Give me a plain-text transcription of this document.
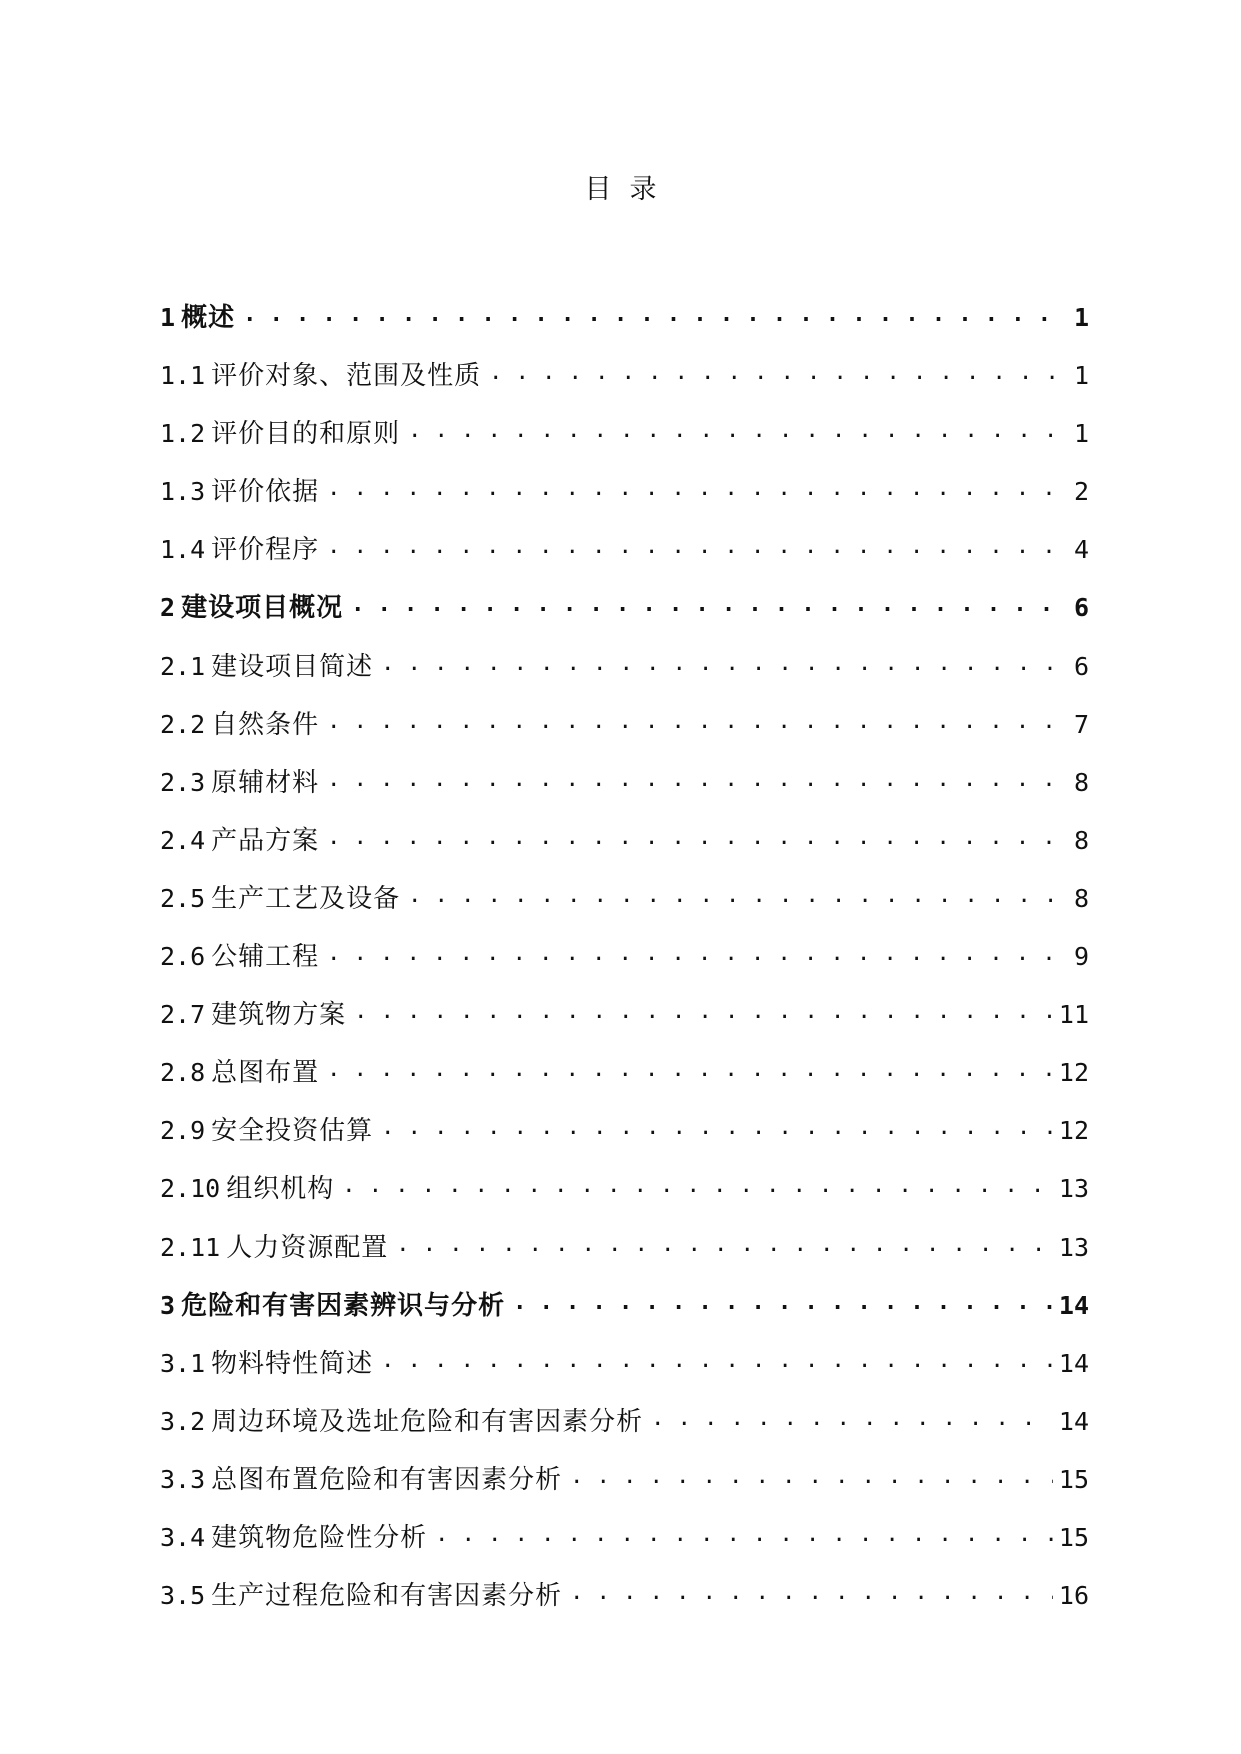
目录
1 概述 . . .	1
1.1 评价对象、范围及性质 . . .	1
1.2 评价目的和原则 . . .	1
1.3 评价依据 . . .	2
1.4 评价程序 . . .	4
2 建设项目概况 . . .	6
2.1 建设项目简述 . . .	6
2.2 自然条件 . . .	7
2.3 原辅材料 . . .	8
2.4 产品方案 . . .	8
2.5 生产工艺及设备 . . .	8
2.6 公辅工程 . . .	9
2.7 建筑物方案 . . .	11
2.8 总图布置 . . .	12
2.9 安全投资估算 . . .	12
2.10 组织机构 . . .	13
2.11 人力资源配置 . . .	13
3 危险和有害因素辨识与分析 . . .	14
3.1 物料特性简述 . . .	14
3.2 周边环境及选址危险和有害因素分析 . . .	14
3.3 总图布置危险和有害因素分析 . . .	15
3.4 建筑物危险性分析 . . .	15
3.5 生产过程危险和有害因素分析 . . .	16
